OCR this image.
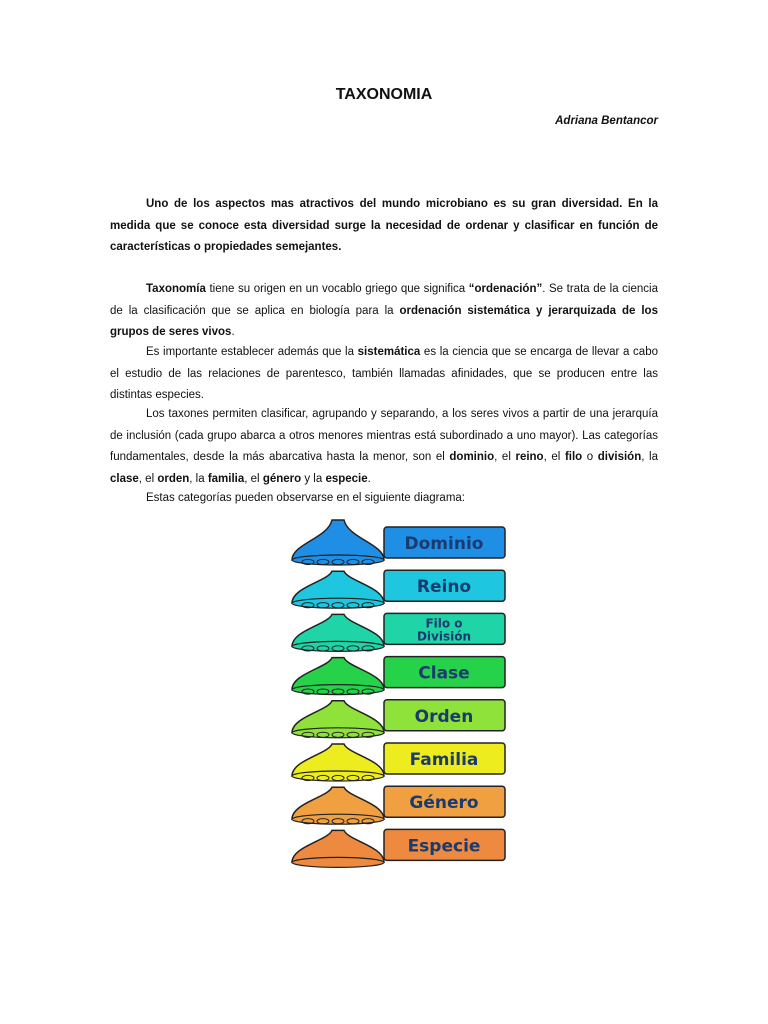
TAXONOMIA
Adriana Bentancor

Uno de los aspectos mas atractivos del mundo microbiano es su gran diversidad. En la medida que se conoce esta diversidad surge la necesidad de ordenar y clasificar en función de características o propiedades semejantes.

Taxonomía tiene su origen en un vocablo griego que significa “ordenación”. Se trata de la ciencia de la clasificación que se aplica en biología para la ordenación sistemática y jerarquizada de los grupos de seres vivos.

Es importante establecer además que la sistemática es la ciencia que se encarga de llevar a cabo el estudio de las relaciones de parentesco, también llamadas afinidades, que se producen entre las distintas especies.

Los taxones permiten clasificar, agrupando y separando, a los seres vivos a partir de una jerarquía de inclusión (cada grupo abarca a otros menores mientras está subordinado a uno mayor). Las categorías fundamentales, desde la más abarcativa hasta la menor, son el dominio, el reino, el filo o división, la clase, el orden, la familia, el género y la especie.

Estas categorías pueden observarse en el siguiente diagrama:

Dominio
Reino
Filo o
División
Clase
Orden
Familia
Género
Especie
